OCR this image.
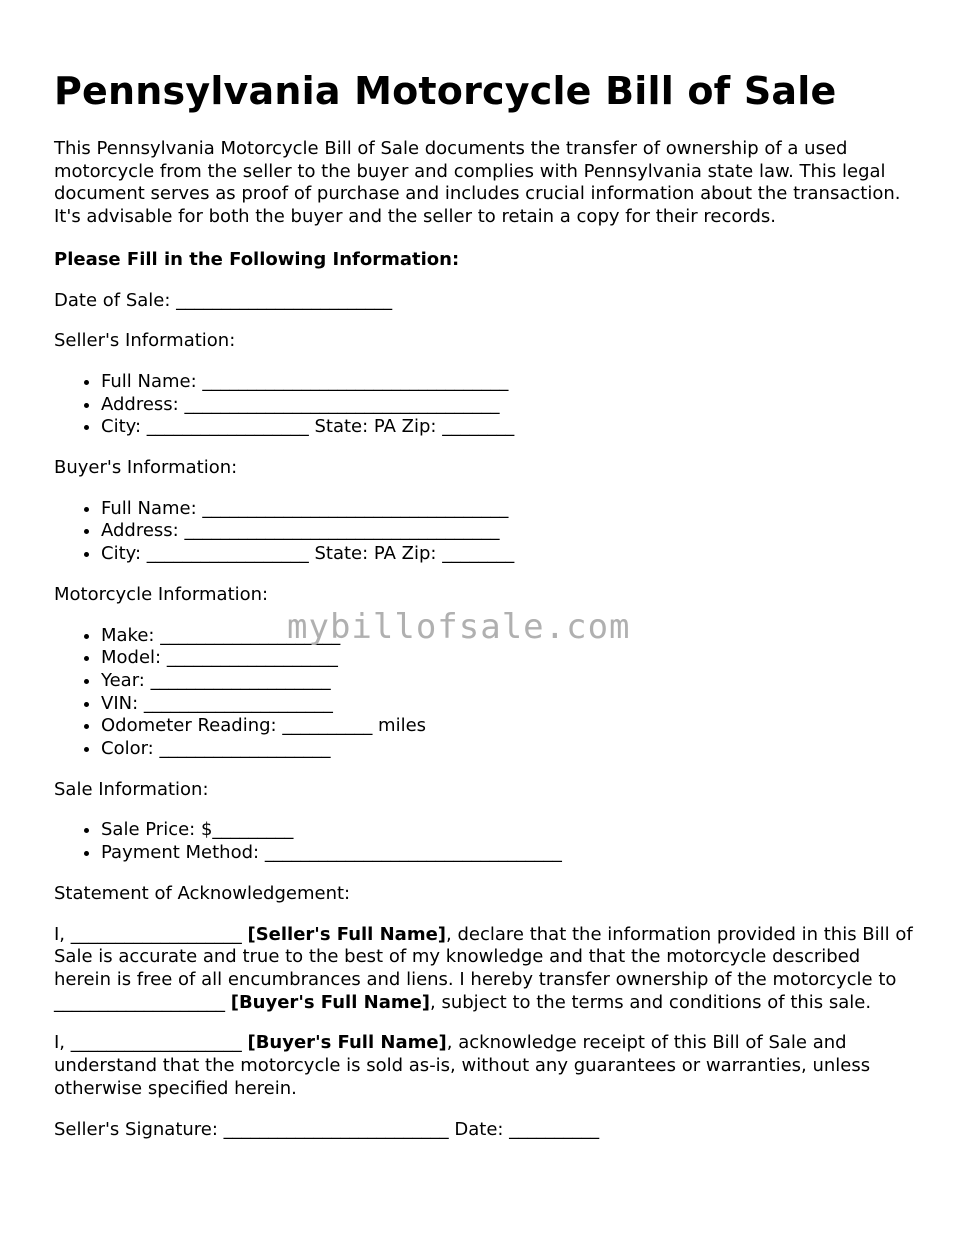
Pennsylvania Motorcycle Bill of Sale

This Pennsylvania Motorcycle Bill of Sale documents the transfer of ownership of a used motorcycle from the seller to the buyer and complies with Pennsylvania state law. This legal document serves as proof of purchase and includes crucial information about the transaction. It's advisable for both the buyer and the seller to retain a copy for their records.

Please Fill in the Following Information:

Date of Sale: ________________________

Seller's Information:

• Full Name: __________________________________
• Address: ___________________________________
• City: __________________ State: PA Zip: ________

Buyer's Information:

• Full Name: __________________________________
• Address: ___________________________________
• City: __________________ State: PA Zip: ________

Motorcycle Information:

• Make: ____________________
• Model: ___________________
• Year: ____________________
• VIN: _____________________
• Odometer Reading: __________ miles
• Color: ___________________

Sale Information:

• Sale Price: $_________
• Payment Method: _________________________________

Statement of Acknowledgement:

I, ___________________ [Seller's Full Name], declare that the information provided in this Bill of Sale is accurate and true to the best of my knowledge and that the motorcycle described herein is free of all encumbrances and liens. I hereby transfer ownership of the motorcycle to ___________________ [Buyer's Full Name], subject to the terms and conditions of this sale.

I, ___________________ [Buyer's Full Name], acknowledge receipt of this Bill of Sale and understand that the motorcycle is sold as-is, without any guarantees or warranties, unless otherwise specified herein.

Seller's Signature: _________________________ Date: __________

mybillofsale.com
